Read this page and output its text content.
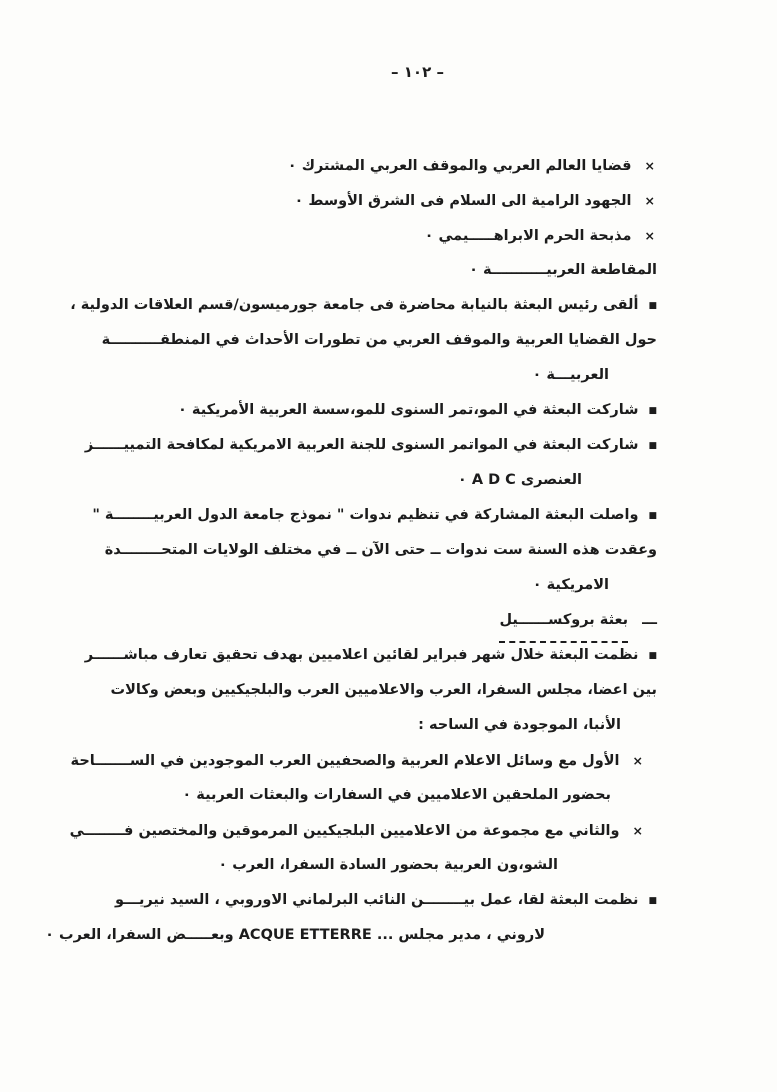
– ١٠٢ –
×قضايا العالم العربي والموقف العربي المشترك ٠
×الجهود الرامية الى السلام فى الشرق الأوسط ٠
×مذبحة الحرم الابراهـــــيمي ٠
المقاطعة العربيـــــــــــة ٠
■ألقى رئيس البعثة بالنيابة محاضرة فى جامعة جورميسون/قسم العلاقات الدولية ،
حول القضايا العربية والموقف العربي من تطورات الأحداث في المنطقــــــــــة
العربيـــة ٠
■شاركت البعثة في المو،تمر السنوى للمو،سسة العربية الأمريكية ٠
■شاركت البعثة في المواتمر السنوى للجنة العربية الامريكية لمكافحة التمييــــــز
العنصرى A D C ٠
■واصلت البعثة المشاركة في تنظيم ندوات " نموذج جامعة الدول العربيــــــــة "
وعقدت هذه السنة ست ندوات ــ حتى الآن ــ في مختلف الولايات المتحــــــــدة
الامريكية ٠
ـــبعثة بروكســــــيل
■نظمت البعثة خلال شهر فبراير لقائين اعلاميين بهدف تحقيق تعارف مباشــــــر
بين اعضا، مجلس السفرا، العرب والاعلاميين العرب والبلجيكيين وبعض وكالات
الأنبا، الموجودة في الساحه :
×الأول مع وسائل الاعلام العربية والصحفيين العرب الموجودين في الســـــــاحة
بحضور الملحقين الاعلاميين في السفارات والبعثات العربية ٠
×والثاني مع مجموعة من الاعلاميين البلجيكيين المرموقين والمختصين فــــــــي
الشو،ون العربية بحضور السادة السفرا، العرب ٠
■نظمت البعثة لقا، عمل بيــــــــن النائب البرلماني الاوروبي ، السيد نيريـــو
لاروني ، مدير مجلس ... ACQUE ETTERRE وبعـــــض السفرا، العرب ٠
